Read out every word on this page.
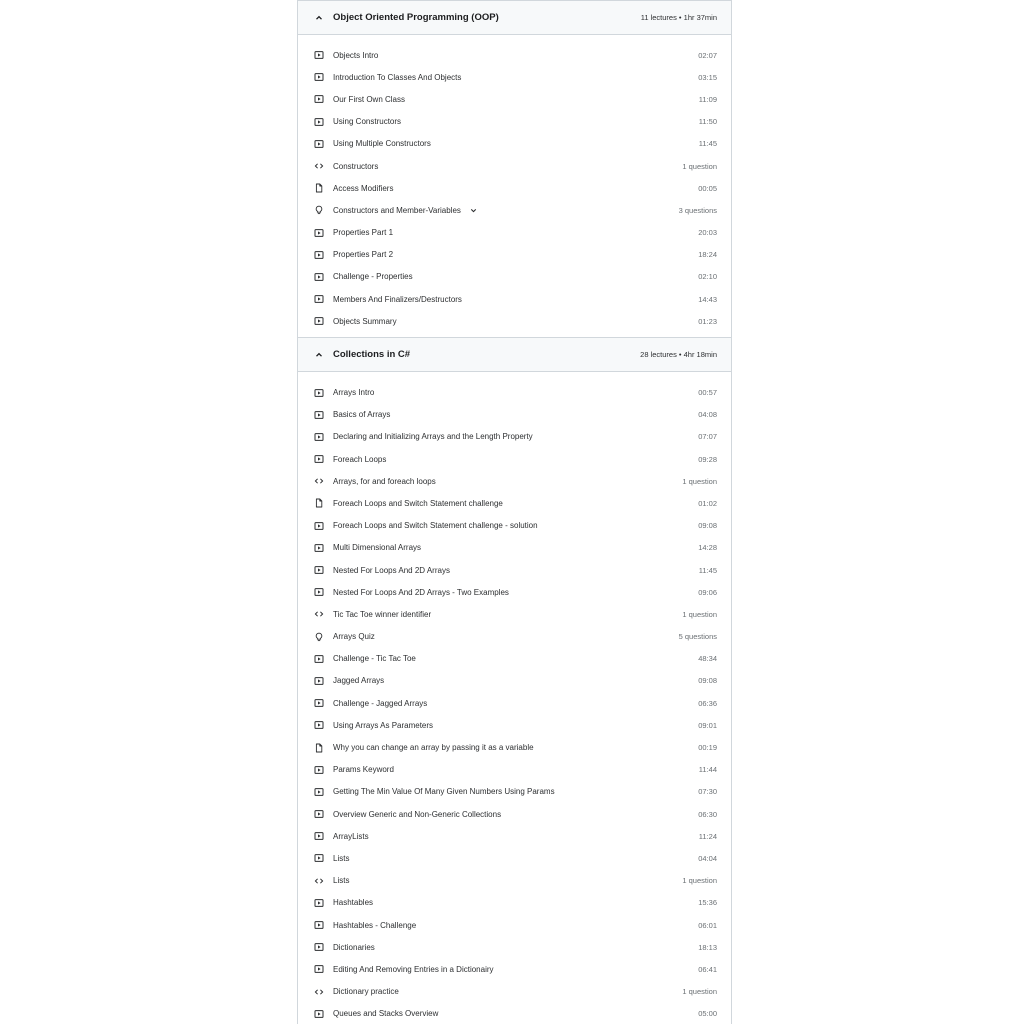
Object Oriented Programming (OOP)	11 lectures • 1hr 37min
Objects Intro	02:07
Introduction To Classes And Objects	03:15
Our First Own Class	11:09
Using Constructors	11:50
Using Multiple Constructors	11:45
Constructors	1 question
Access Modifiers	00:05
Constructors and Member-Variables	3 questions
Properties Part 1	20:03
Properties Part 2	18:24
Challenge - Properties	02:10
Members And Finalizers/Destructors	14:43
Objects Summary	01:23
Collections in C#	28 lectures • 4hr 18min
Arrays Intro	00:57
Basics of Arrays	04:08
Declaring and Initializing Arrays and the Length Property	07:07
Foreach Loops	09:28
Arrays, for and foreach loops	1 question
Foreach Loops and Switch Statement challenge	01:02
Foreach Loops and Switch Statement challenge - solution	09:08
Multi Dimensional Arrays	14:28
Nested For Loops And 2D Arrays	11:45
Nested For Loops And 2D Arrays - Two Examples	09:06
Tic Tac Toe winner identifier	1 question
Arrays Quiz	5 questions
Challenge - Tic Tac Toe	48:34
Jagged Arrays	09:08
Challenge - Jagged Arrays	06:36
Using Arrays As Parameters	09:01
Why you can change an array by passing it as a variable	00:19
Params Keyword	11:44
Getting The Min Value Of Many Given Numbers Using Params	07:30
Overview Generic and Non-Generic Collections	06:30
ArrayLists	11:24
Lists	04:04
Lists	1 question
Hashtables	15:36
Hashtables - Challenge	06:01
Dictionaries	18:13
Editing And Removing Entries in a Dictionairy	06:41
Dictionary practice	1 question
Queues and Stacks Overview	05:00
